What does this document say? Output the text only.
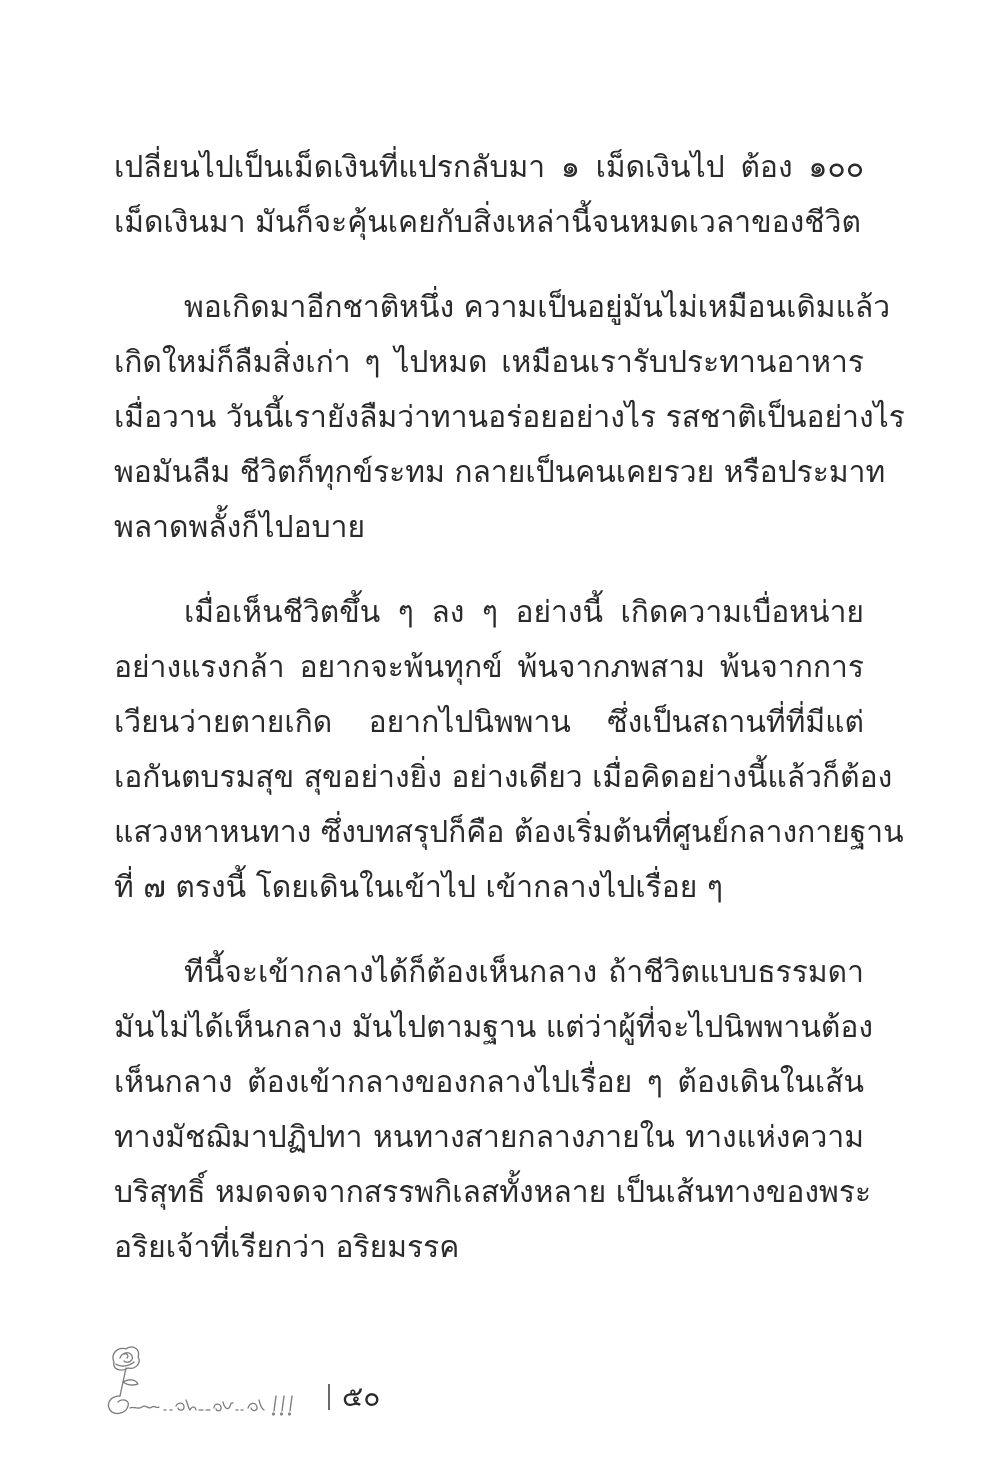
เปลี่ยนไปเป็นเม็ดเงินที่แปรกลับมา ๑ เม็ดเงินไป ต้อง ๑๐๐
เม็ดเงินมา มันก็จะคุ้นเคยกับสิ่งเหล่านี้จนหมดเวลาของชีวิต

พอเกิดมาอีกชาติหนึ่ง ความเป็นอยู่มันไม่เหมือนเดิมแล้ว
เกิดใหม่ก็ลืมสิ่งเก่า ๆ ไปหมด เหมือนเรารับประทานอาหาร
เมื่อวาน วันนี้เรายังลืมว่าทานอร่อยอย่างไร รสชาติเป็นอย่างไร
พอมันลืม ชีวิตก็ทุกข์ระทม กลายเป็นคนเคยรวย หรือประมาท
พลาดพลั้งก็ไปอบาย

เมื่อเห็นชีวิตขึ้น ๆ ลง ๆ อย่างนี้ เกิดความเบื่อหน่าย
อย่างแรงกล้า อยากจะพ้นทุกข์ พ้นจากภพสาม พ้นจากการ
เวียนว่ายตายเกิด อยากไปนิพพาน ซึ่งเป็นสถานที่ที่มีแต่
เอกันตบรมสุข สุขอย่างยิ่ง อย่างเดียว เมื่อคิดอย่างนี้แล้วก็ต้อง
แสวงหาหนทาง ซึ่งบทสรุปก็คือ ต้องเริ่มต้นที่ศูนย์กลางกายฐาน
ที่ ๗ ตรงนี้ โดยเดินในเข้าไป เข้ากลางไปเรื่อย ๆ

ทีนี้จะเข้ากลางได้ก็ต้องเห็นกลาง ถ้าชีวิตแบบธรรมดา
มันไม่ได้เห็นกลาง มันไปตามฐาน แต่ว่าผู้ที่จะไปนิพพานต้อง
เห็นกลาง ต้องเข้ากลางของกลางไปเรื่อย ๆ ต้องเดินในเส้น
ทางมัชฌิมาปฏิปทา หนทางสายกลางภายใน ทางแห่งความ
บริสุทธิ์ หมดจดจากสรรพกิเลสทั้งหลาย เป็นเส้นทางของพระ
อริยเจ้าที่เรียกว่า อริยมรรค

๕๐
